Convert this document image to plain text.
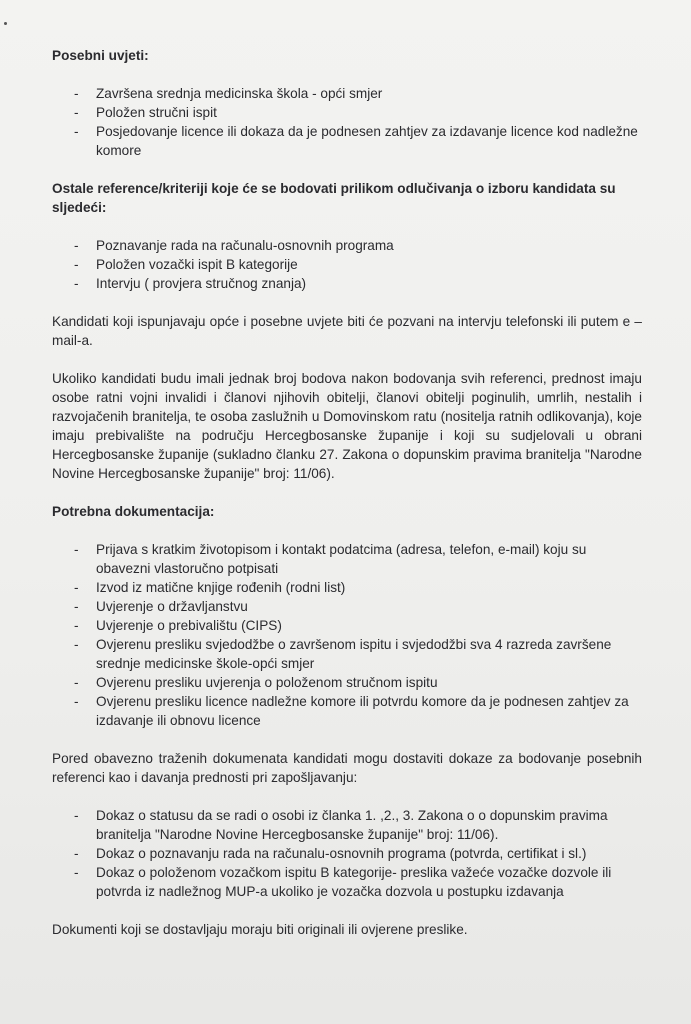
Posebni uvjeti:

- Završena srednja medicinska škola - opći smjer
- Položen stručni ispit
- Posjedovanje licence ili dokaza da je podnesen zahtjev za izdavanje licence kod nadležne komore

Ostale reference/kriteriji koje će se bodovati prilikom odlučivanja o izboru kandidata su sljedeći:

- Poznavanje rada na računalu-osnovnih programa
- Položen vozački ispit B kategorije
- Intervju ( provjera stručnog znanja)

Kandidati koji ispunjavaju opće i posebne uvjete biti će pozvani na intervju telefonski ili putem e – mail-a.

Ukoliko kandidati budu imali jednak broj bodova nakon bodovanja svih referenci, prednost imaju osobe ratni vojni invalidi i članovi njihovih obitelji, članovi obitelji poginulih, umrlih, nestalih i razvojačenih branitelja, te osoba zaslužnih u Domovinskom ratu (nositelja ratnih odlikovanja), koje imaju prebivalište na području Hercegbosanske županije i koji su sudjelovali u obrani Hercegbosanske županije (sukladno članku 27. Zakona o dopunskim pravima branitelja "Narodne Novine Hercegbosanske županije" broj: 11/06).

Potrebna dokumentacija:

- Prijava s kratkim životopisom i kontakt podatcima (adresa, telefon, e-mail) koju su obavezni vlastoručno potpisati
- Izvod iz matične knjige rođenih (rodni list)
- Uvjerenje o državljanstvu
- Uvjerenje o prebivalištu (CIPS)
- Ovjerenu presliku svjedodžbe o završenom ispitu i svjedodžbi sva 4 razreda završene srednje medicinske škole-opći smjer
- Ovjerenu presliku uvjerenja o položenom stručnom ispitu
- Ovjerenu presliku licence nadležne komore ili potvrdu komore da je podnesen zahtjev za izdavanje ili obnovu licence

Pored obavezno traženih dokumenata kandidati mogu dostaviti dokaze za bodovanje posebnih referenci kao i davanja prednosti pri zapošljavanju:

- Dokaz o statusu da se radi o osobi iz članka 1. ,2., 3. Zakona o o dopunskim pravima branitelja "Narodne Novine Hercegbosanske županije" broj: 11/06).
- Dokaz o poznavanju rada na računalu-osnovnih programa (potvrda, certifikat i sl.)
- Dokaz o položenom vozačkom ispitu B kategorije- preslika važeće vozačke dozvole ili potvrda iz nadležnog MUP-a ukoliko je vozačka dozvola u postupku izdavanja

Dokumenti koji se dostavljaju moraju biti originali ili ovjerene preslike.
